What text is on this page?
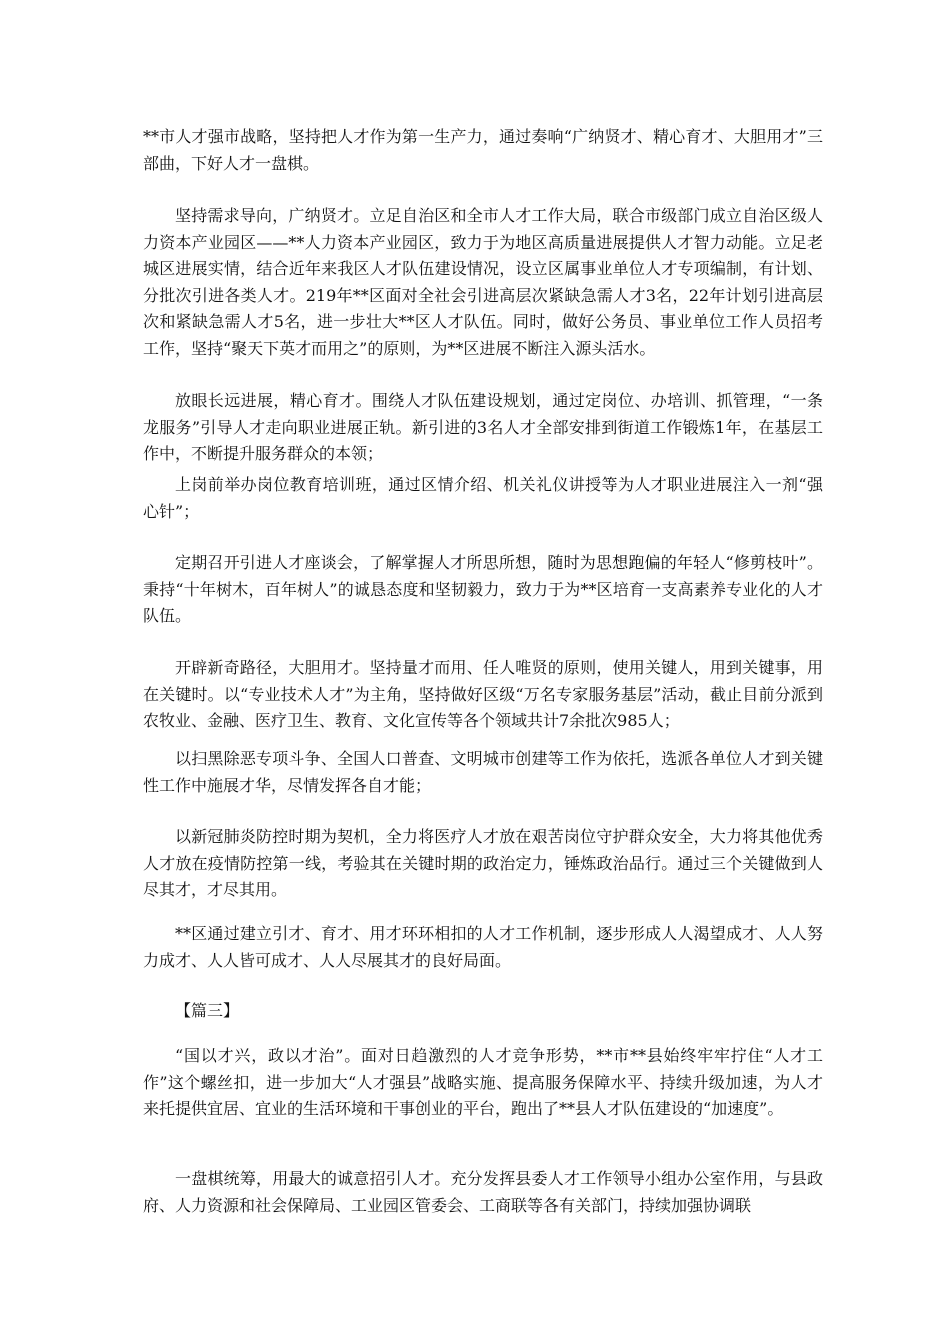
**市人才强市战略，坚持把人才作为第一生产力，通过奏响“广纳贤才、精心育才、大胆用才”三部曲，下好人才一盘棋。

坚持需求导向，广纳贤才。立足自治区和全市人才工作大局，联合市级部门成立自治区级人力资本产业园区——**人力资本产业园区，致力于为地区高质量进展提供人才智力动能。立足老城区进展实情，结合近年来我区人才队伍建设情况，设立区属事业单位人才专项编制，有计划、分批次引进各类人才。219年**区面对全社会引进高层次紧缺急需人才3名，22年计划引进高层次和紧缺急需人才5名，进一步壮大**区人才队伍。同时，做好公务员、事业单位工作人员招考工作，坚持“聚天下英才而用之”的原则，为**区进展不断注入源头活水。

放眼长远进展，精心育才。围绕人才队伍建设规划，通过定岗位、办培训、抓管理，“一条龙服务”引导人才走向职业进展正轨。新引进的3名人才全部安排到街道工作锻炼1年，在基层工作中，不断提升服务群众的本领；

上岗前举办岗位教育培训班，通过区情介绍、机关礼仪讲授等为人才职业进展注入一剂“强心针”；

定期召开引进人才座谈会，了解掌握人才所思所想，随时为思想跑偏的年轻人“修剪枝叶”。秉持“十年树木，百年树人”的诚恳态度和坚韧毅力，致力于为**区培育一支高素养专业化的人才队伍。

开辟新奇路径，大胆用才。坚持量才而用、任人唯贤的原则，使用关键人，用到关键事，用在关键时。以“专业技术人才”为主角，坚持做好区级“万名专家服务基层”活动，截止目前分派到农牧业、金融、医疗卫生、教育、文化宣传等各个领域共计7余批次985人；

以扫黑除恶专项斗争、全国人口普查、文明城市创建等工作为依托，选派各单位人才到关键性工作中施展才华，尽情发挥各自才能；

以新冠肺炎防控时期为契机，全力将医疗人才放在艰苦岗位守护群众安全，大力将其他优秀人才放在疫情防控第一线，考验其在关键时期的政治定力，锤炼政治品行。通过三个关键做到人尽其才，才尽其用。

**区通过建立引才、育才、用才环环相扣的人才工作机制，逐步形成人人渴望成才、人人努力成才、人人皆可成才、人人尽展其才的良好局面。

【篇三】

“国以才兴，政以才治”。面对日趋激烈的人才竞争形势，**市**县始终牢牢拧住“人才工作”这个螺丝扣，进一步加大“人才强县”战略实施、提高服务保障水平、持续升级加速，为人才来托提供宜居、宜业的生活环境和干事创业的平台，跑出了**县人才队伍建设的“加速度”。

一盘棋统筹，用最大的诚意招引人才。充分发挥县委人才工作领导小组办公室作用，与县政府、人力资源和社会保障局、工业园区管委会、工商联等各有关部门，持续加强协调联
